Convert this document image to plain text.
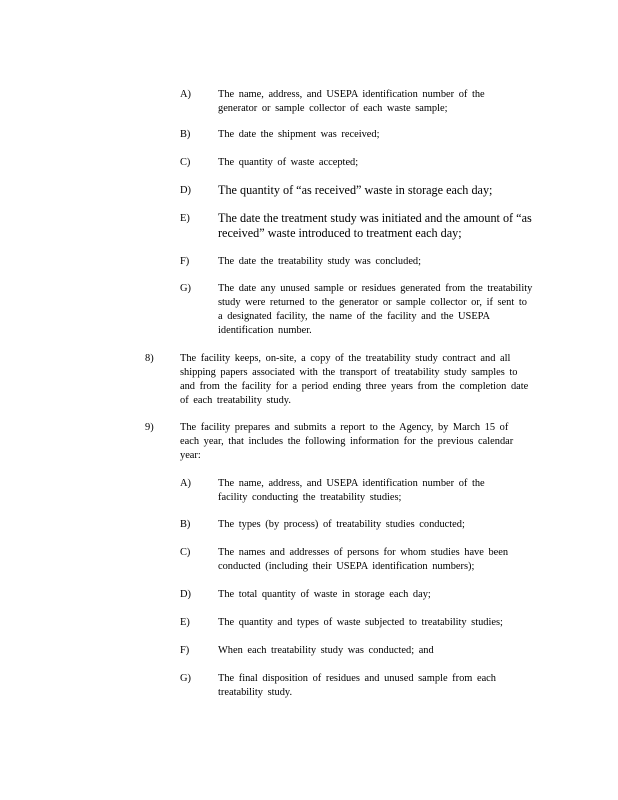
A)	The name, address, and USEPA identification number of the generator or sample collector of each waste sample;
B)	The date the shipment was received;
C)	The quantity of waste accepted;
D) The quantity of “as received” waste in storage each day;
E) The date the treatment study was initiated and the amount of “as received” waste introduced to treatment each day;
F)	The date the treatability study was concluded;
G)	The date any unused sample or residues generated from the treatability study were returned to the generator or sample collector or, if sent to a designated facility, the name of the facility and the USEPA identification number.
8)	The facility keeps, on-site, a copy of the treatability study contract and all shipping papers associated with the transport of treatability study samples to and from the facility for a period ending three years from the completion date of each treatability study.
9)	The facility prepares and submits a report to the Agency, by March 15 of each year, that includes the following information for the previous calendar year:
A)	The name, address, and USEPA identification number of the facility conducting the treatability studies;
B)	The types (by process) of treatability studies conducted;
C)	The names and addresses of persons for whom studies have been conducted (including their USEPA identification numbers);
D)	The total quantity of waste in storage each day;
E)	The quantity and types of waste subjected to treatability studies;
F)	When each treatability study was conducted; and
G)	The final disposition of residues and unused sample from each treatability study.
